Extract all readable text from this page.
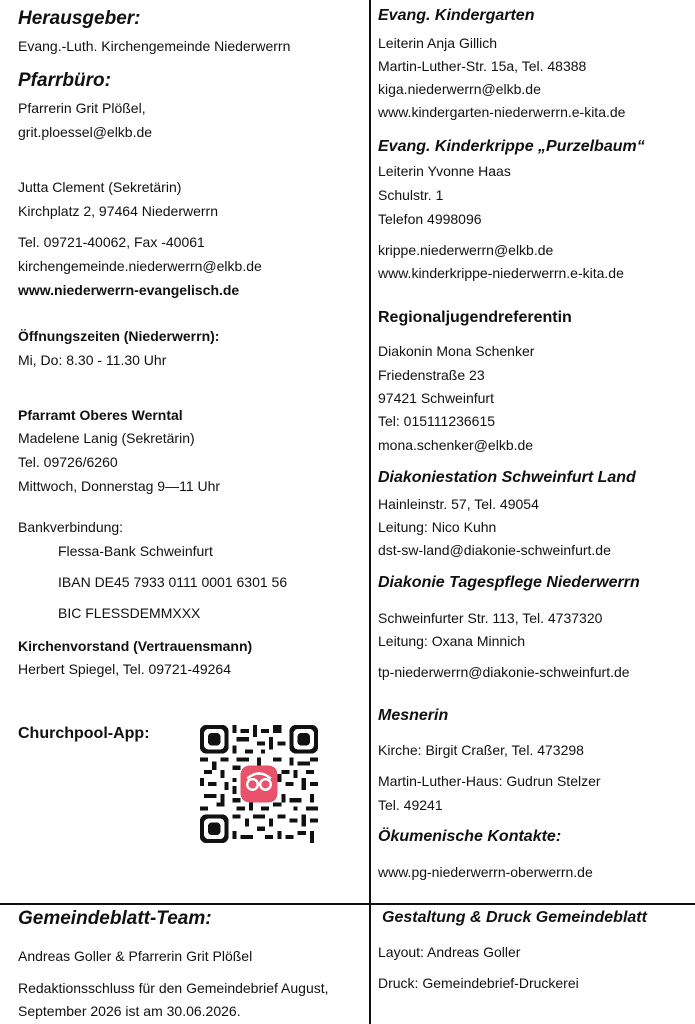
Herausgeber:
Evang.-Luth. Kirchengemeinde Niederwerrn
Pfarrbüro:
Pfarrerin Grit Plößel,
grit.ploessel@elkb.de
Jutta Clement (Sekretärin)
Kirchplatz 2, 97464 Niederwerrn
Tel. 09721-40062, Fax -40061
kirchengemeinde.niederwerrn@elkb.de
www.niederwerrn-evangelisch.de
Öffnungszeiten (Niederwerrn):
Mi, Do: 8.30 - 11.30 Uhr
Pfarramt Oberes Werntal
Madelene Lanig (Sekretärin)
Tel. 09726/6260
Mittwoch, Donnerstag 9—11 Uhr
Bankverbindung:
Flessa-Bank Schweinfurt
IBAN DE45 7933 0111 0001 6301 56
BIC FLESSDEMMXXX
Kirchenvorstand (Vertrauensmann)
Herbert Spiegel, Tel. 09721-49264
Churchpool-App:
Evang. Kindergarten
Leiterin Anja Gillich
Martin-Luther-Str. 15a, Tel. 48388
kiga.niederwerrn@elkb.de
www.kindergarten-niederwerrn.e-kita.de
Evang. Kinderkrippe „Purzelbaum“
Leiterin Yvonne Haas
Schulstr. 1
Telefon 4998096
krippe.niederwerrn@elkb.de
www.kinderkrippe-niederwerrn.e-kita.de
Regionaljugendreferentin
Diakonin Mona Schenker
Friedenstraße 23
97421 Schweinfurt
Tel: 015111236615
mona.schenker@elkb.de
Diakoniestation Schweinfurt Land
Hainleinstr. 57, Tel. 49054
Leitung: Nico Kuhn
dst-sw-land@diakonie-schweinfurt.de
Diakonie Tagespflege Niederwerrn
Schweinfurter Str. 113, Tel. 4737320
Leitung: Oxana Minnich
tp-niederwerrn@diakonie-schweinfurt.de
Mesnerin
Kirche: Birgit Craßer, Tel. 473298
Martin-Luther-Haus: Gudrun Stelzer
Tel. 49241
Ökumenische Kontakte:
www.pg-niederwerrn-oberwerrn.de
Gemeindeblatt-Team:
Andreas Goller & Pfarrerin Grit Plößel
Redaktionsschluss für den Gemeindebrief August,
September 2026 ist am 30.06.2026.
Gestaltung & Druck Gemeindeblatt
Layout: Andreas Goller
Druck: Gemeindebrief-Druckerei
